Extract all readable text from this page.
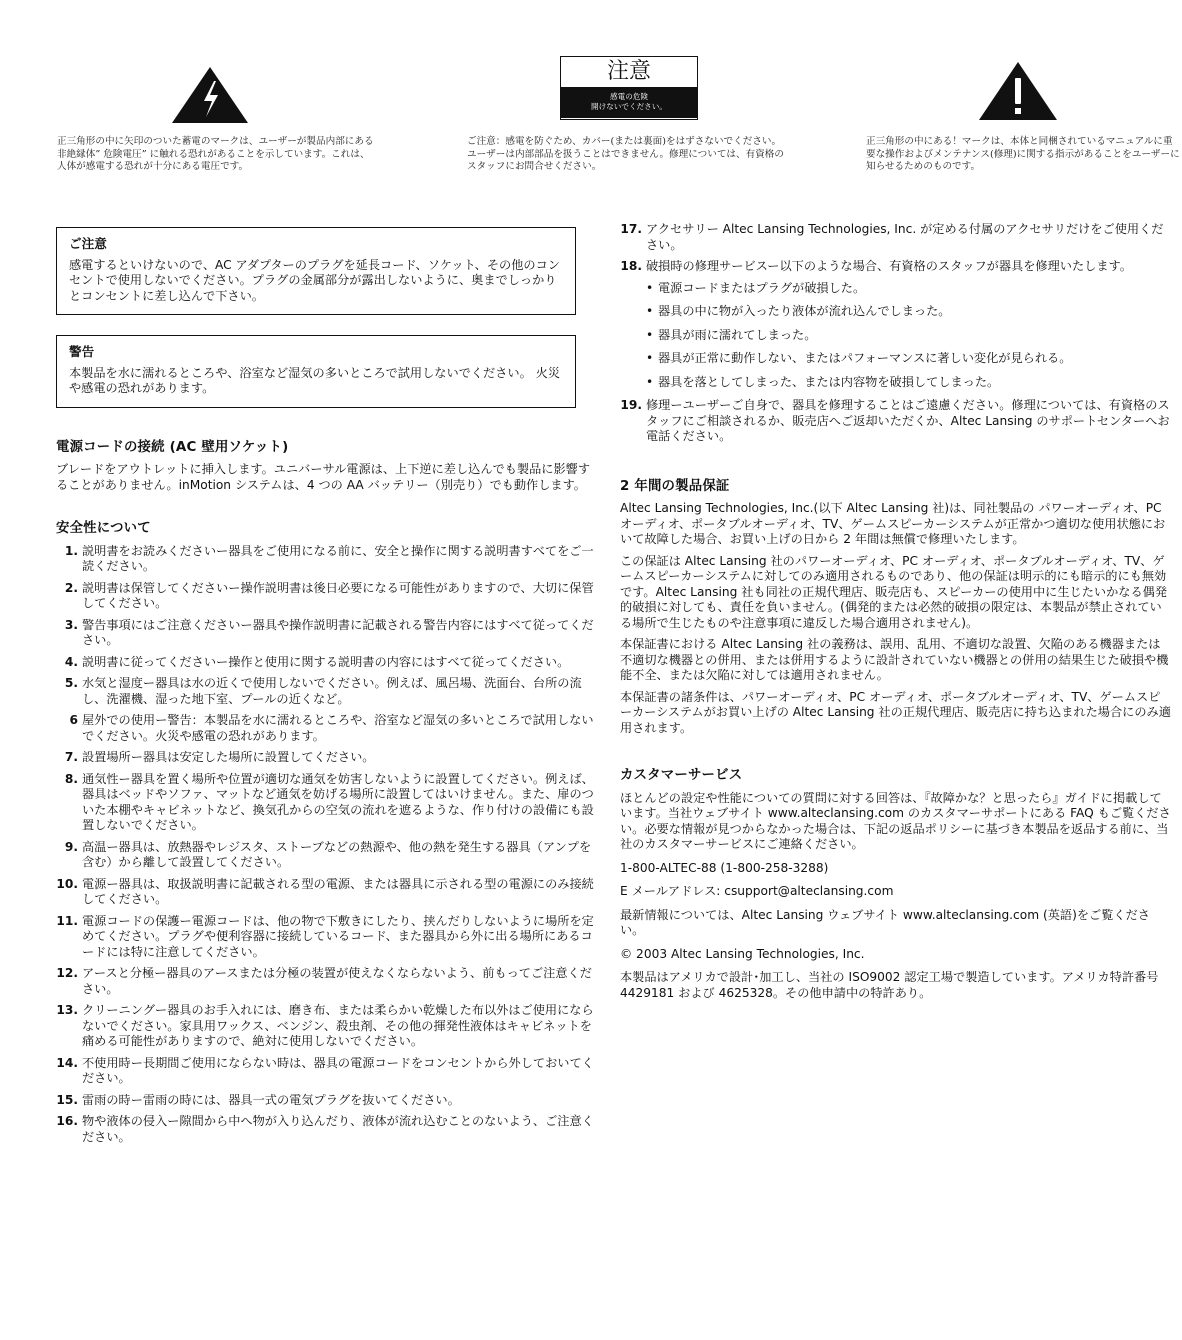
正三角形の中に矢印のついた蓄電のマークは、ユーザーが製品内部にある非絶縁体” 危険電圧” に触れる恐れがあることを示しています。これは、人体が感電する恐れが十分にある電圧です。
注意
感電の危険
開けないでください。
ご注意：感電を防ぐため、カバー(または裏面)をはずさないでください。ユーザーは内部部品を扱うことはできません。修理については、有資格のスタッフにお問合せください。
正三角形の中にある！マークは、本体と同梱されているマニュアルに重要な操作およびメンテナンス(修理)に関する指示があることをユーザーに知らせるためのものです。
ご注意
感電するといけないので、AC アダプターのプラグを延長コード、ソケット、その他のコンセントで使用しないでください。プラグの金属部分が露出しないように、奥までしっかりとコンセントに差し込んで下さい。
警告
本製品を水に濡れるところや、浴室など湿気の多いところで試用しないでください。 火災や感電の恐れがあります。
電源コードの接続 (AC 壁用ソケット)
ブレードをアウトレットに挿入します。ユニバーサル電源は、上下逆に差し込んでも製品に影響することがありません。inMotion システムは、4 つの AA バッテリー（別売り）でも動作します。
安全性について
1. 説明書をお読みくださいー器具をご使用になる前に、安全と操作に関する説明書すべてをご一読ください。
2. 説明書は保管してくださいー操作説明書は後日必要になる可能性がありますので、大切に保管してください。
3. 警告事項にはご注意くださいー器具や操作説明書に記載される警告内容にはすべて従ってください。
4. 説明書に従ってくださいー操作と使用に関する説明書の内容にはすべて従ってください。
5. 水気と湿度ー器具は水の近くで使用しないでください。例えば、風呂場、洗面台、台所の流し、洗濯機、湿った地下室、プールの近くなど。
6 屋外での使用ー警告：本製品を水に濡れるところや、浴室など湿気の多いところで試用しないでください。火災や感電の恐れがあります。
7. 設置場所ー器具は安定した場所に設置してください。
8. 通気性ー器具を置く場所や位置が適切な通気を妨害しないように設置してください。例えば、器具はベッドやソファ、マットなど通気を妨げる場所に設置してはいけません。また、扉のついた本棚やキャビネットなど、換気孔からの空気の流れを遮るような、作り付けの設備にも設置しないでください。
9. 高温ー器具は、放熱器やレジスタ、ストーブなどの熱源や、他の熱を発生する器具（アンプを含む）から離して設置してください。
10. 電源ー器具は、取扱説明書に記載される型の電源、または器具に示される型の電源にのみ接続してください。
11. 電源コードの保護ー電源コードは、他の物で下敷きにしたり、挟んだりしないように場所を定めてください。プラグや便利容器に接続しているコード、また器具から外に出る場所にあるコードには特に注意してください。
12. アースと分極ー器具のアースまたは分極の装置が使えなくならないよう、前もってご注意ください。
13. クリーニングー器具のお手入れには、磨き布、または柔らかい乾燥した布以外はご使用にならないでください。家具用ワックス、ベンジン、殺虫剤、その他の揮発性液体はキャビネットを痛める可能性がありますので、絶対に使用しないでください。
14. 不使用時ー長期間ご使用にならない時は、器具の電源コードをコンセントから外しておいてください。
15. 雷雨の時ー雷雨の時には、器具一式の電気プラグを抜いてください。
16. 物や液体の侵入ー隙間から中へ物が入り込んだり、液体が流れ込むことのないよう、ご注意ください。
17. アクセサリー Altec Lansing Technologies, Inc. が定める付属のアクセサリだけをご使用ください。
18. 破損時の修理サービスー以下のような場合、有資格のスタッフが器具を修理いたします。
• 電源コードまたはプラグが破損した。
• 器具の中に物が入ったり液体が流れ込んでしまった。
• 器具が雨に濡れてしまった。
• 器具が正常に動作しない、またはパフォーマンスに著しい変化が見られる。
• 器具を落としてしまった、または内容物を破損してしまった。
19. 修理ーユーザーご自身で、器具を修理することはご遠慮ください。修理については、有資格のスタッフにご相談されるか、販売店へご返却いただくか、Altec Lansing のサポートセンターへお電話ください。
2 年間の製品保証
Altec Lansing Technologies, Inc.(以下 Altec Lansing 社)は、同社製品の パワーオーディオ、PC オーディオ、ポータブルオーディオ、TV、ゲームスピーカーシステムが正常かつ適切な使用状態において故障した場合、お買い上げの日から 2 年間は無償で修理いたします。
この保証は Altec Lansing 社のパワーオーディオ、PC オーディオ、ポータブルオーディオ、TV、ゲームスピーカーシステムに対してのみ適用されるものであり、他の保証は明示的にも暗示的にも無効です。Altec Lansing 社も同社の正規代理店、販売店も、スピーカーの使用中に生じたいかなる偶発的破損に対しても、責任を負いません。(偶発的または必然的破損の限定は、本製品が禁止されている場所で生じたものや注意事項に違反した場合適用されません)。
本保証書における Altec Lansing 社の義務は、誤用、乱用、不適切な設置、欠陥のある機器または不適切な機器との併用、または併用するように設計されていない機器との併用の結果生じた破損や機能不全、または欠陥に対しては適用されません。
本保証書の諸条件は、パワーオーディオ、PC オーディオ、ポータブルオーディオ、TV、ゲームスピーカーシステムがお買い上げの Altec Lansing 社の正規代理店、販売店に持ち込まれた場合にのみ適用されます。
カスタマーサービス
ほとんどの設定や性能についての質問に対する回答は、『故障かな？と思ったら』ガイドに掲載しています。当社ウェブサイト www.alteclansing.com のカスタマーサポートにある FAQ もご覧ください。必要な情報が見つからなかった場合は、下記の返品ポリシーに基づき本製品を返品する前に、当社のカスタマーサービスにご連絡ください。
1-800-ALTEC-88 (1-800-258-3288)
E メールアドレス: csupport@alteclansing.com
最新情報については、Altec Lansing ウェブサイト www.alteclansing.com (英語)をご覧ください。
© 2003 Altec Lansing Technologies, Inc.
本製品はアメリカで設計･加工し、当社の ISO9002 認定工場で製造しています。アメリカ特許番号 4429181 および 4625328。その他申請中の特許あり。
